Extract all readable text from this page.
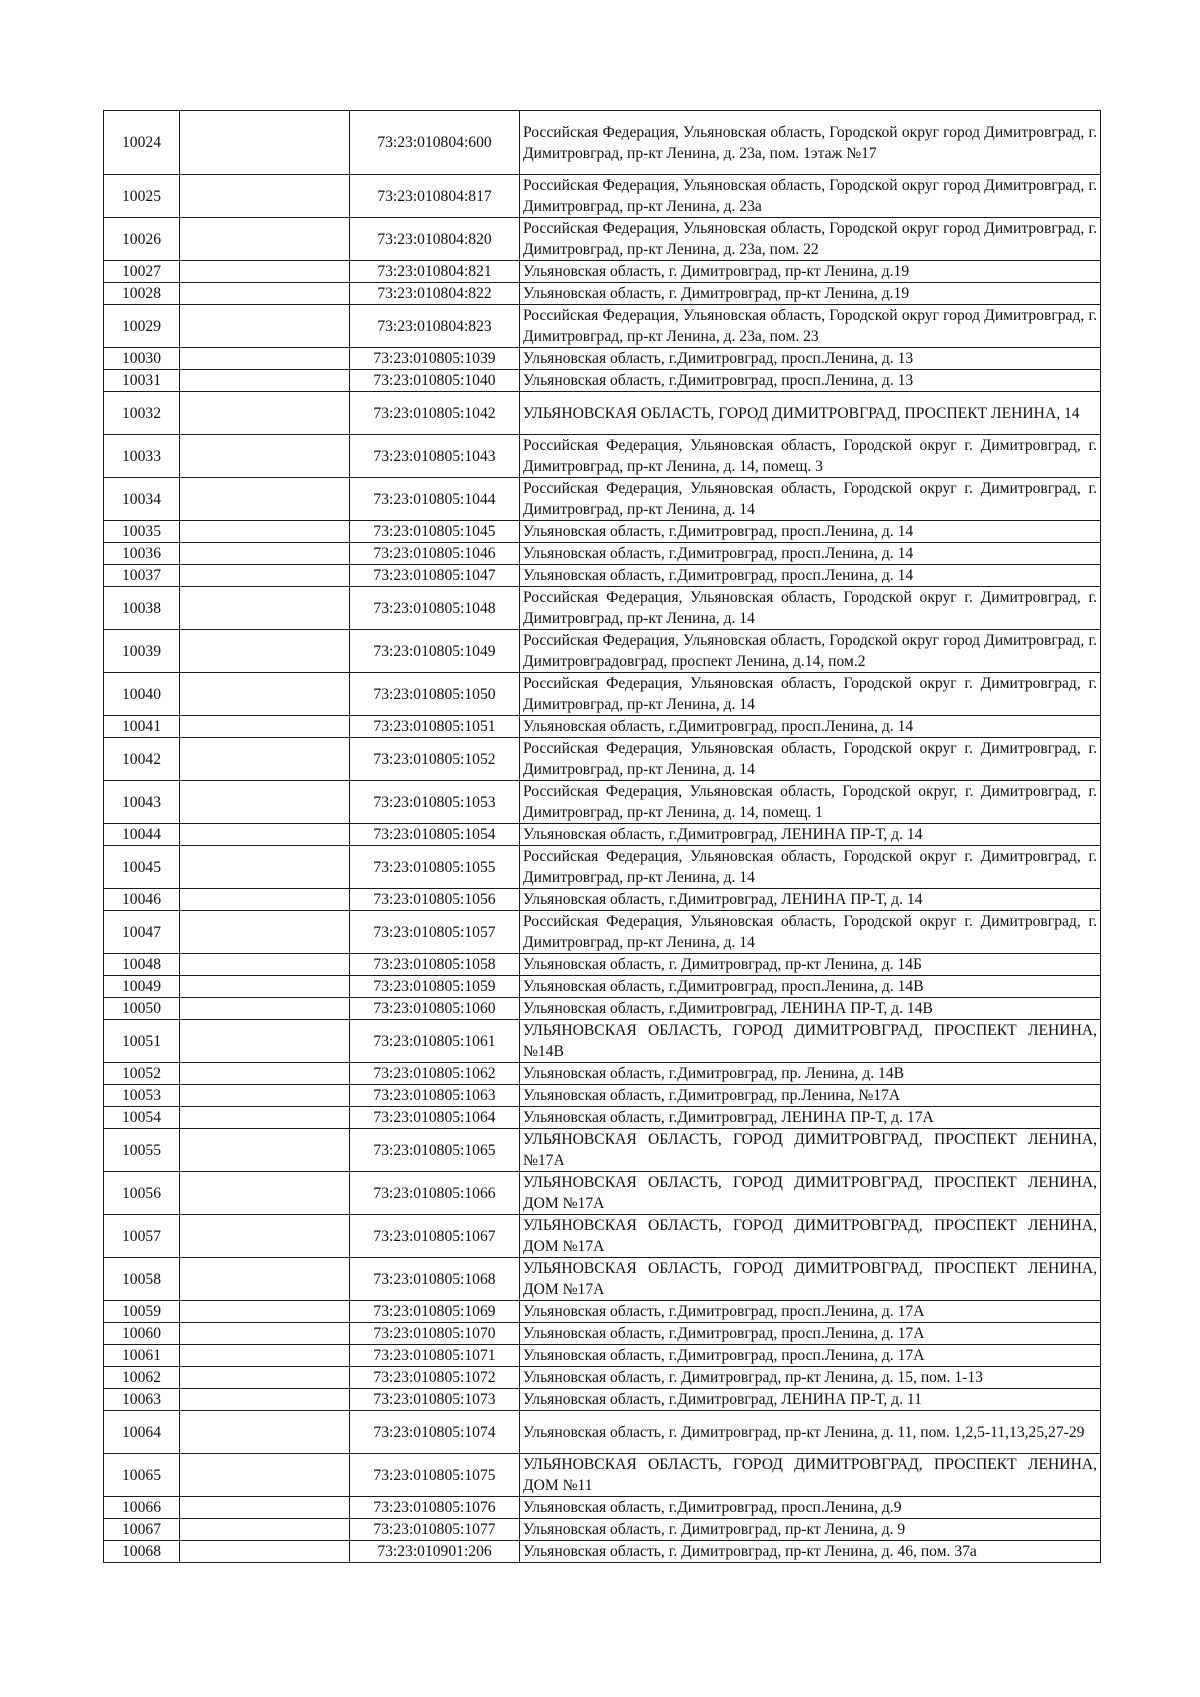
10024		73:23:010804:600	Российская Федерация, Ульяновская область, Городской округ город Димитровград, г. Димитровград, пр-кт Ленина, д. 23а, пом. 1этаж №17
10025		73:23:010804:817	Российская Федерация, Ульяновская область, Городской округ город Димитровград, г. Димитровград, пр-кт Ленина, д. 23а
10026		73:23:010804:820	Российская Федерация, Ульяновская область, Городской округ город Димитровград, г. Димитровград, пр-кт Ленина, д. 23а, пом. 22
10027		73:23:010804:821	Ульяновская область, г. Димитровград, пр-кт Ленина, д.19
10028		73:23:010804:822	Ульяновская область, г. Димитровград, пр-кт Ленина, д.19
10029		73:23:010804:823	Российская Федерация, Ульяновская область, Городской округ город Димитровград, г. Димитровград, пр-кт Ленина, д. 23а, пом. 23
10030		73:23:010805:1039	Ульяновская область, г.Димитровград, просп.Ленина, д. 13
10031		73:23:010805:1040	Ульяновская область, г.Димитровград, просп.Ленина, д. 13
10032		73:23:010805:1042	УЛЬЯНОВСКАЯ ОБЛАСТЬ, ГОРОД ДИМИТРОВГРАД, ПРОСПЕКТ ЛЕНИНА, 14
10033		73:23:010805:1043	Российская Федерация, Ульяновская область, Городской округ г. Димитровград, г. Димитровград, пр-кт Ленина, д. 14, помещ. 3
10034		73:23:010805:1044	Российская Федерация, Ульяновская область, Городской округ г. Димитровград, г. Димитровград, пр-кт Ленина, д. 14
10035		73:23:010805:1045	Ульяновская область, г.Димитровград, просп.Ленина, д. 14
10036		73:23:010805:1046	Ульяновская область, г.Димитровград, просп.Ленина, д. 14
10037		73:23:010805:1047	Ульяновская область, г.Димитровград, просп.Ленина, д. 14
10038		73:23:010805:1048	Российская Федерация, Ульяновская область, Городской округ г. Димитровград, г. Димитровград, пр-кт Ленина, д. 14
10039		73:23:010805:1049	Российская Федерация, Ульяновская область, Городской округ город Димитровград, г. Димитровградовград, проспект Ленина, д.14, пом.2
10040		73:23:010805:1050	Российская Федерация, Ульяновская область, Городской округ г. Димитровград, г. Димитровград, пр-кт Ленина, д. 14
10041		73:23:010805:1051	Ульяновская область, г.Димитровград, просп.Ленина, д. 14
10042		73:23:010805:1052	Российская Федерация, Ульяновская область, Городской округ г. Димитровград, г. Димитровград, пр-кт Ленина, д. 14
10043		73:23:010805:1053	Российская Федерация, Ульяновская область, Городской округ, г. Димитровград, г. Димитровград, пр-кт Ленина, д. 14, помещ. 1
10044		73:23:010805:1054	Ульяновская область, г.Димитровград, ЛЕНИНА ПР-Т, д. 14
10045		73:23:010805:1055	Российская Федерация, Ульяновская область, Городской округ г. Димитровград, г. Димитровград, пр-кт Ленина, д. 14
10046		73:23:010805:1056	Ульяновская область, г.Димитровград, ЛЕНИНА ПР-Т, д. 14
10047		73:23:010805:1057	Российская Федерация, Ульяновская область, Городской округ г. Димитровград, г. Димитровград, пр-кт Ленина, д. 14
10048		73:23:010805:1058	Ульяновская область, г. Димитровград, пр-кт Ленина, д. 14Б
10049		73:23:010805:1059	Ульяновская область, г.Димитровград, просп.Ленина, д. 14В
10050		73:23:010805:1060	Ульяновская область, г.Димитровград, ЛЕНИНА ПР-Т, д. 14В
10051		73:23:010805:1061	УЛЬЯНОВСКАЯ ОБЛАСТЬ, ГОРОД ДИМИТРОВГРАД, ПРОСПЕКТ ЛЕНИНА, №14В
10052		73:23:010805:1062	Ульяновская область, г.Димитровград, пр. Ленина, д. 14В
10053		73:23:010805:1063	Ульяновская область, г.Димитровград, пр.Ленина, №17А
10054		73:23:010805:1064	Ульяновская область, г.Димитровград, ЛЕНИНА ПР-Т, д. 17А
10055		73:23:010805:1065	УЛЬЯНОВСКАЯ ОБЛАСТЬ, ГОРОД ДИМИТРОВГРАД, ПРОСПЕКТ ЛЕНИНА, №17А
10056		73:23:010805:1066	УЛЬЯНОВСКАЯ ОБЛАСТЬ, ГОРОД ДИМИТРОВГРАД, ПРОСПЕКТ ЛЕНИНА, ДОМ №17А
10057		73:23:010805:1067	УЛЬЯНОВСКАЯ ОБЛАСТЬ, ГОРОД ДИМИТРОВГРАД, ПРОСПЕКТ ЛЕНИНА, ДОМ №17А
10058		73:23:010805:1068	УЛЬЯНОВСКАЯ ОБЛАСТЬ, ГОРОД ДИМИТРОВГРАД, ПРОСПЕКТ ЛЕНИНА, ДОМ №17А
10059		73:23:010805:1069	Ульяновская область, г.Димитровград, просп.Ленина, д. 17А
10060		73:23:010805:1070	Ульяновская область, г.Димитровград, просп.Ленина, д. 17А
10061		73:23:010805:1071	Ульяновская область, г.Димитровград, просп.Ленина, д. 17А
10062		73:23:010805:1072	Ульяновская область, г. Димитровград, пр-кт Ленина, д. 15, пом. 1-13
10063		73:23:010805:1073	Ульяновская область, г.Димитровград, ЛЕНИНА ПР-Т, д. 11
10064		73:23:010805:1074	Ульяновская область, г. Димитровград, пр-кт Ленина, д. 11, пом. 1,2,5-11,13,25,27-29
10065		73:23:010805:1075	УЛЬЯНОВСКАЯ ОБЛАСТЬ, ГОРОД ДИМИТРОВГРАД, ПРОСПЕКТ ЛЕНИНА, ДОМ №11
10066		73:23:010805:1076	Ульяновская область, г.Димитровград, просп.Ленина, д.9
10067		73:23:010805:1077	Ульяновская область, г. Димитровград, пр-кт Ленина, д. 9
10068		73:23:010901:206	Ульяновская область, г. Димитровград, пр-кт Ленина, д. 46, пом. 37а
